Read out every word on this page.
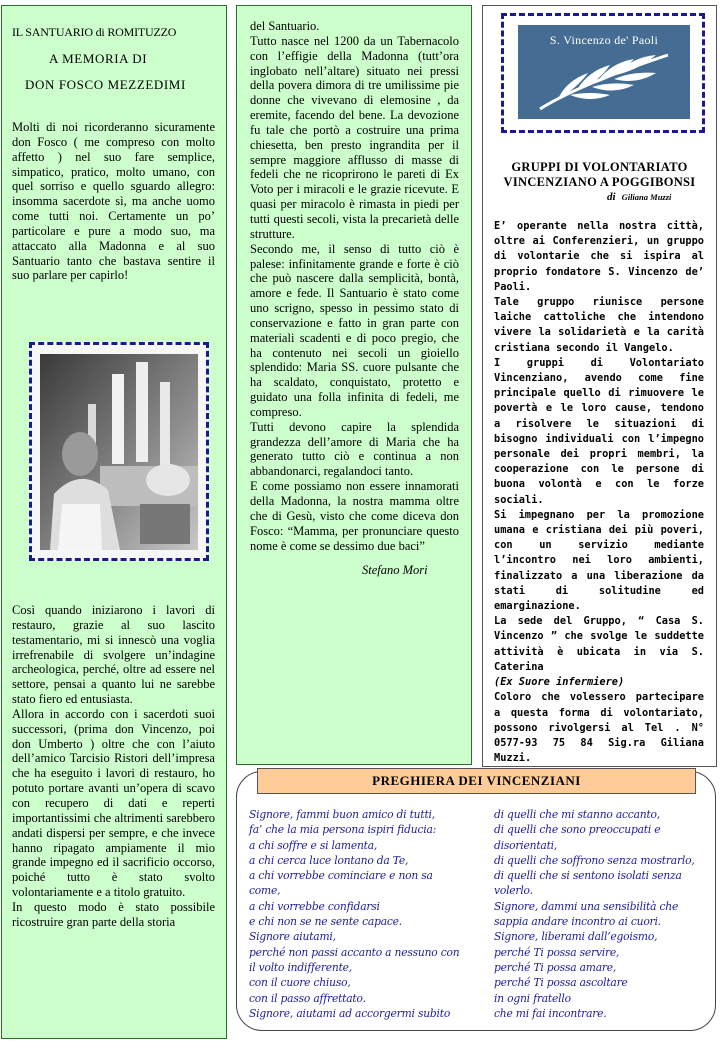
IL SANTUARIO di ROMITUZZO
A MEMORIA DI
DON FOSCO MEZZEDIMI

Molti di noi ricorderanno sicuramente don Fosco ( me compreso con molto affetto ) nel suo fare semplice, simpatico, pratico, molto umano, con quel sorriso e quello sguardo allegro: insomma sacerdote sì, ma anche uomo come tutti noi. Certamente un po’ particolare e pure a modo suo, ma attaccato alla Madonna e al suo Santuario tanto che bastava sentire il suo parlare per capirlo!

Così quando iniziarono i lavori di restauro, grazie al suo lascito testamentario, mi si innescò una voglia irrefrenabile di svolgere un’indagine archeologica, perché, oltre ad essere nel settore, pensai a quanto lui ne sarebbe stato fiero ed entusiasta.

Allora in accordo con i sacerdoti suoi successori, (prima don Vincenzo, poi don Umberto ) oltre che con l’aiuto dell’amico Tarcisio Ristori dell’impresa che ha eseguito i lavori di restauro, ho potuto portare avanti un’opera di scavo con recupero di dati e reperti importantissimi che altrimenti sarebbero andati dispersi per sempre, e che invece hanno ripagato ampiamente il mio grande impegno ed il sacrificio occorso, poiché tutto è stato svolto volontariamente e a titolo gratuito.

In questo modo è stato possibile ricostruire gran parte della storia

del Santuario.

Tutto nasce nel 1200 da un Tabernacolo con l’effigie della Madonna (tutt’ora inglobato nell’altare) situato nei pressi della povera dimora di tre umilissime pie donne che vivevano di elemosine , da eremite, facendo del bene. La devozione fu tale che portò a costruire una prima chiesetta, ben presto ingrandita per il sempre maggiore afflusso di masse di fedeli che ne ricoprirono le pareti di Ex Voto per i miracoli e le grazie ricevute. E quasi per miracolo è rimasta in piedi per tutti questi secoli, vista la precarietà delle strutture.

Secondo me, il senso di tutto ciò è palese: infinitamente grande e forte è ciò che può nascere dalla semplicità, bontà, amore e fede. Il Santuario è stato come uno scrigno, spesso in pessimo stato di conservazione e fatto in gran parte con materiali scadenti e di poco pregio, che ha contenuto nei secoli un gioiello splendido: Maria SS. cuore pulsante che ha scaldato, conquistato, protetto e guidato una folla infinita di fedeli, me compreso.

Tutti devono capire la splendida grandezza dell’amore di Maria che ha generato tutto ciò e continua a non abbandonarci, regalandoci tanto.

E come possiamo non essere innamorati della Madonna, la nostra mamma oltre che di Gesù, visto che come diceva don Fosco: “Mamma, per pronunciare questo nome è come se dessimo due baci”

Stefano Mori
S. Vincenzo de' Paoli
GRUPPI DI VOLONTARIATO
VINCENZIANO A POGGIBONSI
di Giliana Muzzi

E’ operante nella nostra città, oltre ai Conferenzieri, un gruppo di volontarie che si ispira al proprio fondatore S. Vincenzo de’ Paoli.

Tale gruppo riunisce persone laiche cattoliche che intendono vivere la solidarietà e la carità cristiana secondo il Vangelo.

I gruppi di Volontariato Vincenziano, avendo come fine principale quello di rimuovere le povertà e le loro cause, tendono a risolvere le situazioni di bisogno individuali con l’impegno personale dei propri membri, la cooperazione con le persone di buona volontà e con le forze sociali.

Si impegnano per la promozione umana e cristiana dei più poveri, con un servizio mediante l’incontro nei loro ambienti, finalizzato a una liberazione da stati di solitudine ed emarginazione.

La sede del Gruppo, “ Casa S. Vincenzo ” che svolge le suddette attività è ubicata in via S. Caterina

(Ex Suore infermiere)

Coloro che volessero partecipare a questa forma di volontariato, possono rivolgersi al Tel . N° 0577-93 75 84 Sig.ra Giliana Muzzi.

PREGHIERA DEI VINCENZIANI
Signore, fammi buon amico di tutti,
fa’ che la mia persona ispiri fiducia:
a chi soffre e si lamenta,
a chi cerca luce lontano da Te,
a chi vorrebbe cominciare e non sa
come,
a chi vorrebbe confidarsi
e chi non se ne sente capace.
Signore aiutami,
perché non passi accanto a nessuno con
il volto indifferente,
con il cuore chiuso,
con il passo affrettato.
Signore, aiutami ad accorgermi subito
di quelli che mi stanno accanto,
di quelli che sono preoccupati e
disorientati,
di quelli che soffrono senza mostrarlo,
di quelli che si sentono isolati senza
volerlo.
Signore, dammi una sensibilità che
sappia andare incontro ai cuori.
Signore, liberami dall’egoismo,
perché Ti possa servire,
perché Ti possa amare,
perché Ti possa ascoltare
in ogni fratello
che mi fai incontrare.
